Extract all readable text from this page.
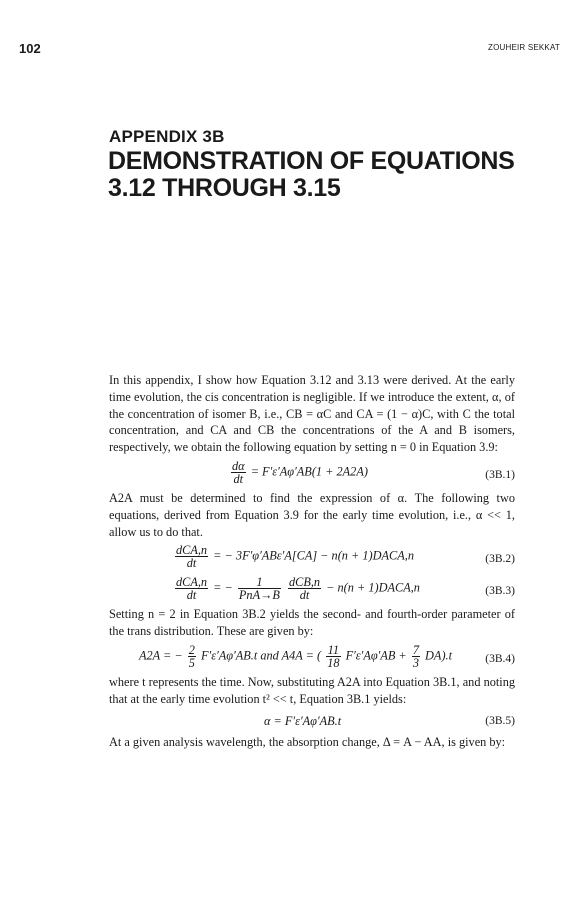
102	ZOUHEIR SEKKAT
APPENDIX 3B
DEMONSTRATION OF EQUATIONS 3.12 THROUGH 3.15

In this appendix, I show how Equation 3.12 and 3.13 were derived. At the early time evolution, the cis concentration is negligible. If we introduce the extent, α, of the concentration of isomer B, i.e., CB = αC and CA = (1 − α)C, with C the total concentration, and CA and CB the concentrations of the A and B isomers, respectively, we obtain the following equation by setting n = 0 in Equation 3.9:

$\frac{d\alpha}{dt} = F'\varepsilon'A\varphi'AB(1 + 2A2A)$	(3B.1)

A2A must be determined to find the expression of α. The following two equations, derived from Equation 3.9 for the early time evolution, i.e., α << 1, allow us to do that.

$\frac{\text{dCA,n}}{dt}$ = − 3F′φ′ABε′A[CA] − n(n + 1)DACA,n	(3B.2)
$\frac{\text{dCA,n}}{dt}$ = − $\frac{1}{\text{PnA→B}}$
$\frac{\text{dCB,n}}{dt} - n(n$ + 1)DACA,n	(3B.3)

Setting n = 2 in Equation 3B.2 yields the second- and fourth-order parameter of the trans distribution. These are given by:

A2A = − $\frac{2}{5} F'\varepsilon'A\varphi'AB.t$ and A4A = ( $\frac{11}{18} F'\varepsilon'A\varphi'AB + \frac{7}{3} DA).t$	(3B.4)

where t represents the time. Now, substituting A2A into Equation 3B.1, and noting that at the early time evolution t² << t, Equation 3B.1 yields:

α = F′ε′Aφ′AB.t	(3B.5)

At a given analysis wavelength, the absorption change, Δ = A − AA, is given by:
